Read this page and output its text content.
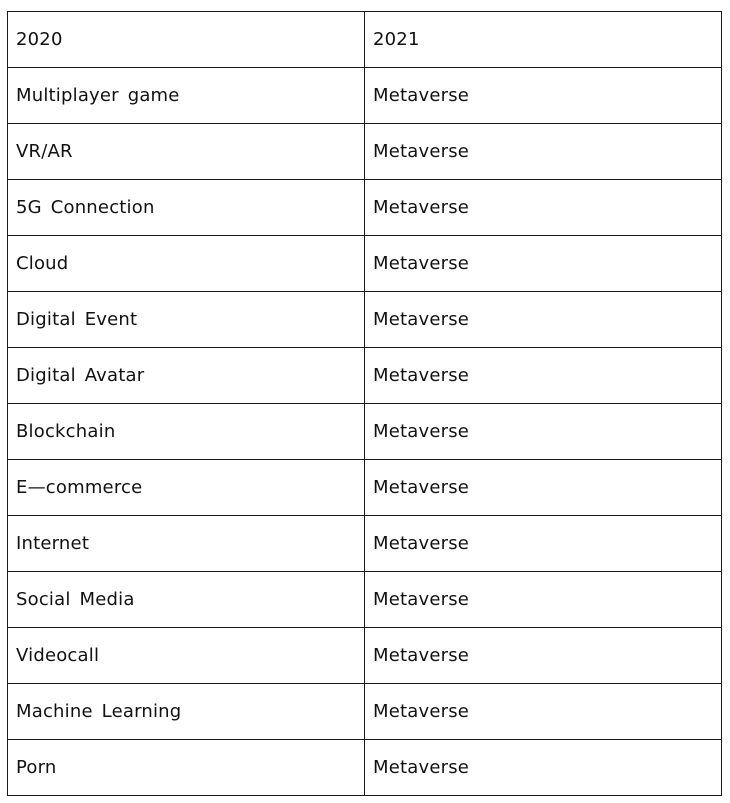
2020	2021
Multiplayer game	Metaverse
VR/AR	Metaverse
5G Connection	Metaverse
Cloud	Metaverse
Digital Event	Metaverse
Digital Avatar	Metaverse
Blockchain	Metaverse
E—commerce	Metaverse
Internet	Metaverse
Social Media	Metaverse
Videocall	Metaverse
Machine Learning	Metaverse
Porn	Metaverse
